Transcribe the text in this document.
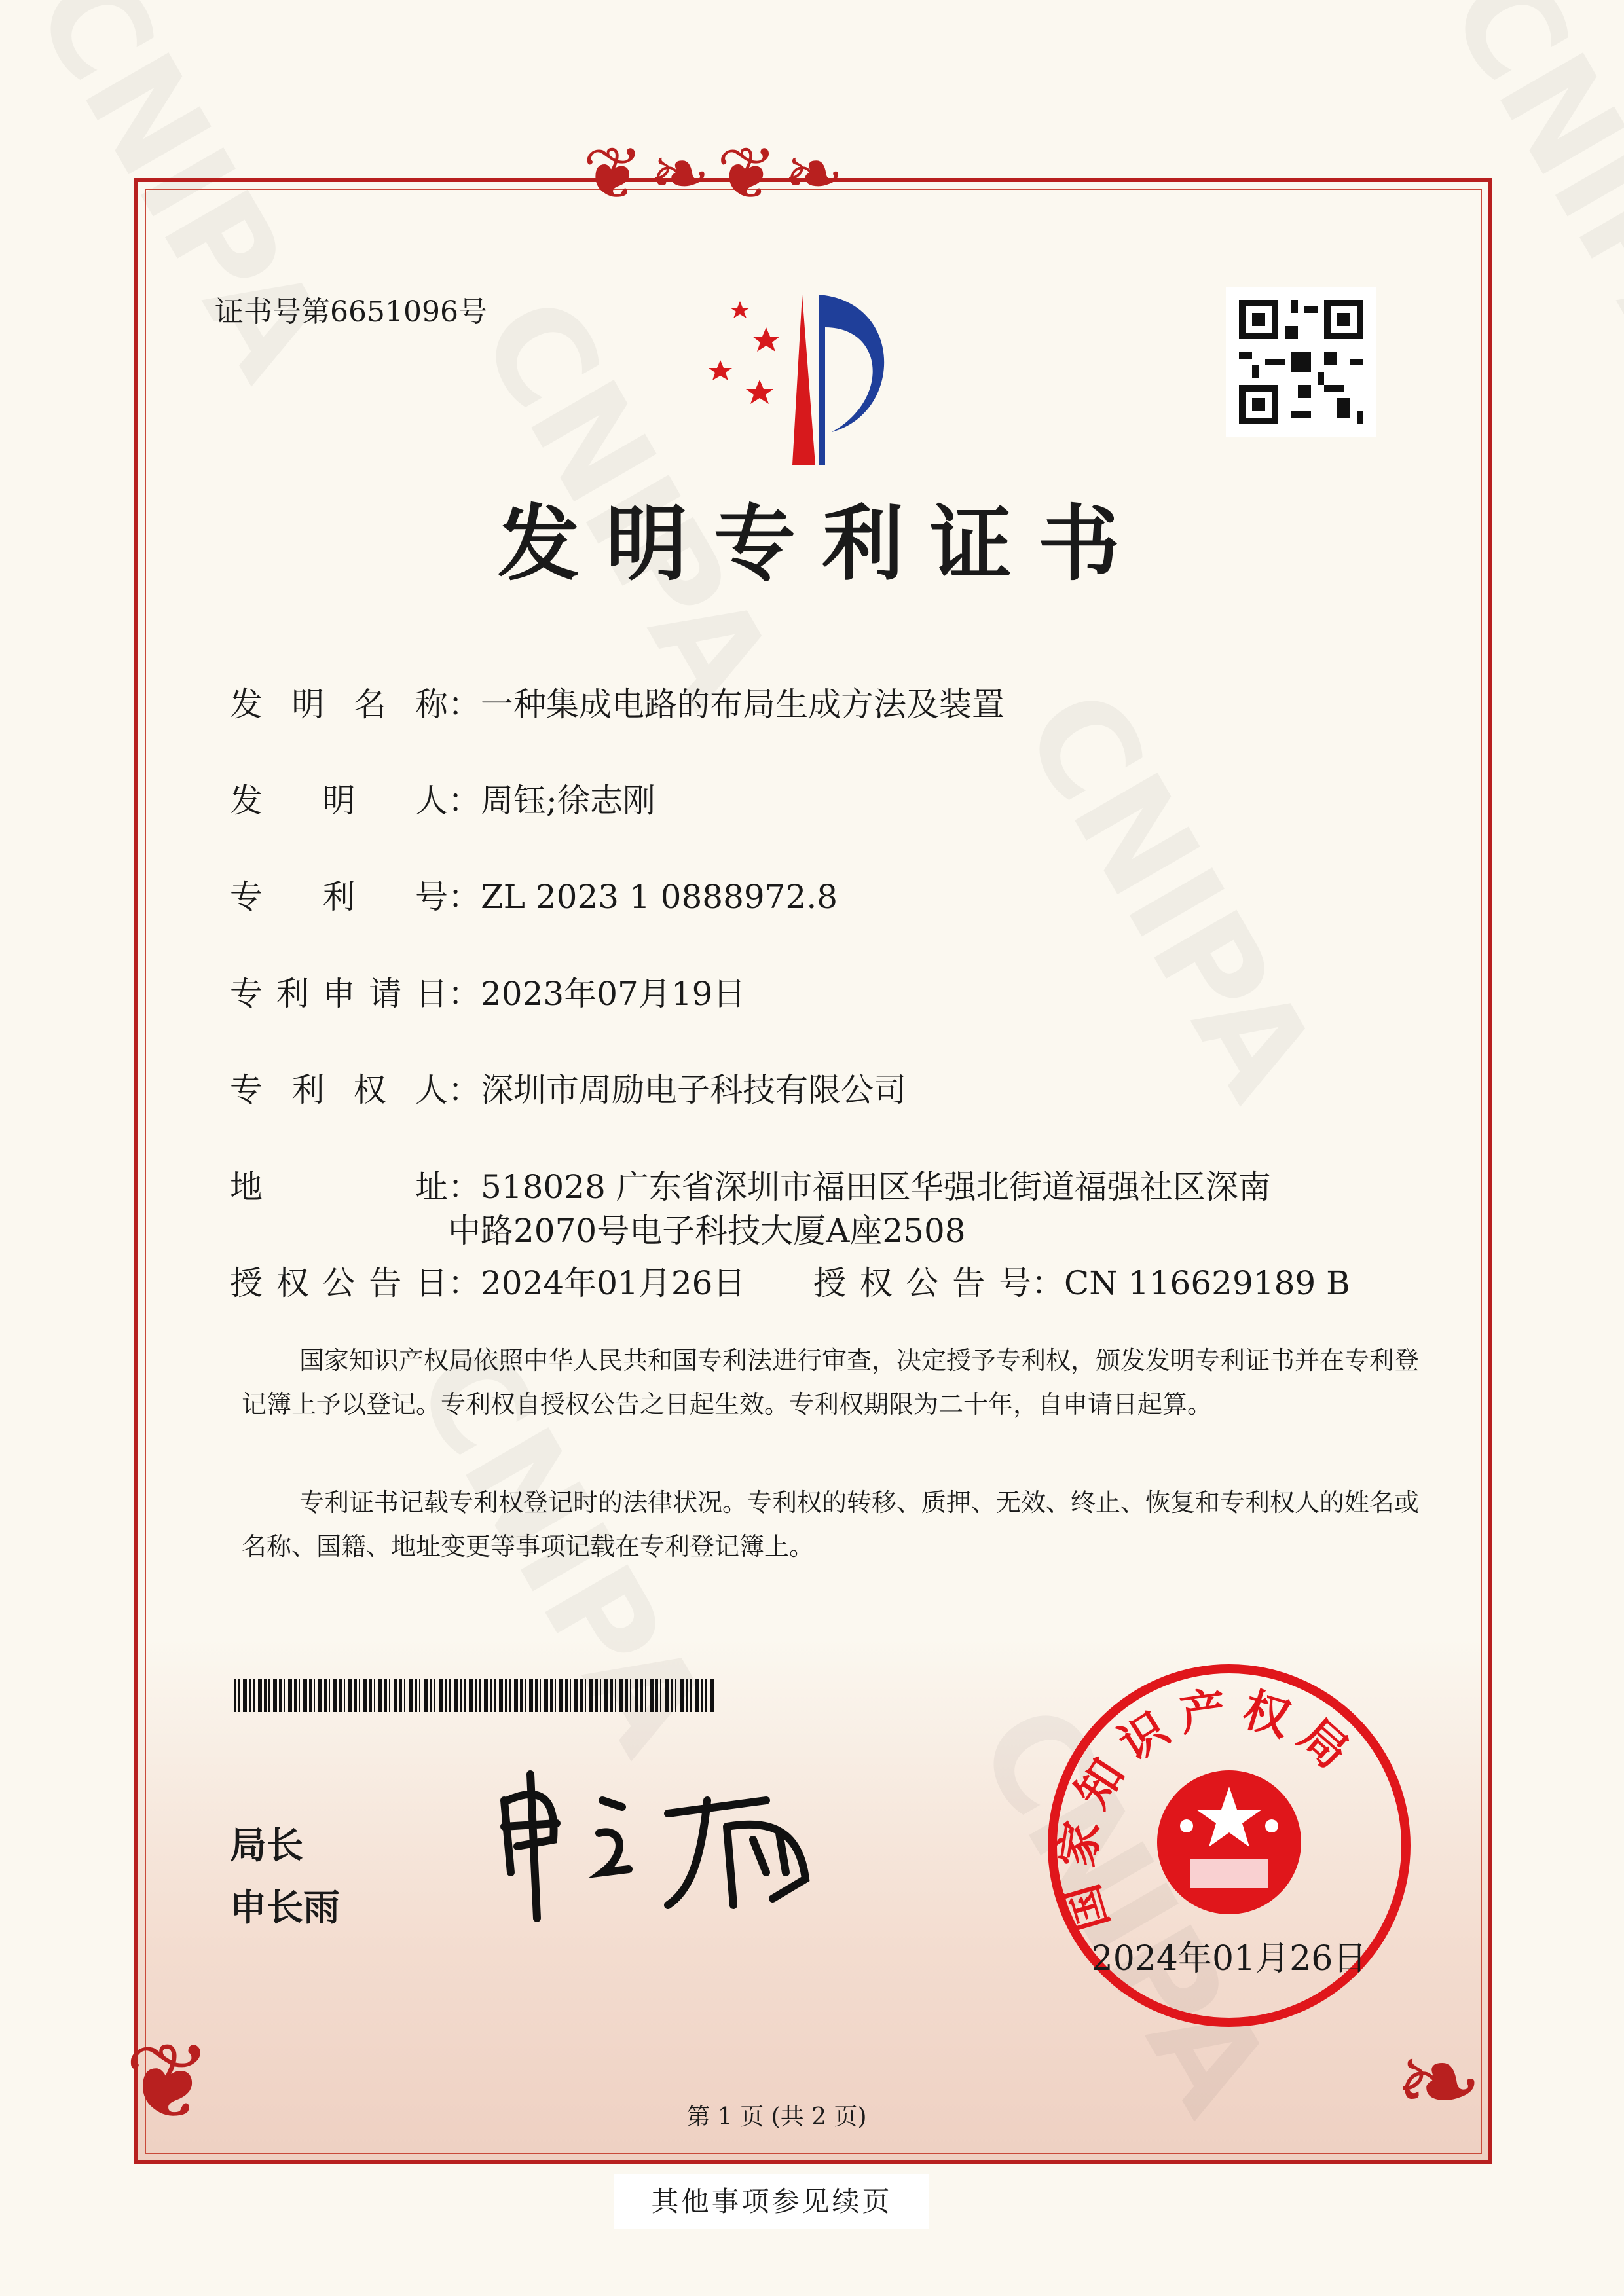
❦❧❦❧
❦	❧
证书号第6651096号
发明专利证书
发明名称：一种集成电路的布局生成方法及装置
发明人：周钰;徐志刚
专利号：ZL 2023 1 0888972.8
专利申请日：2023年07月19日
专利权人：深圳市周励电子科技有限公司
地址：518028 广东省深圳市福田区华强北街道福强社区深南
中路2070号电子科技大厦A座2508
授权公告日：2024年01月26日 授权公告号：CN 116629189 B
国家知识产权局依照中华人民共和国专利法进行审查，决定授予专利权，颁发发明专利证书并在专利登记簿上予以登记。专利权自授权公告之日起生效。专利权期限为二十年，自申请日起算。
专利证书记载专利权登记时的法律状况。专利权的转移、质押、无效、终止、恢复和专利权人的姓名或名称、国籍、地址变更等事项记载在专利登记簿上。
局长
申长雨	国家知识产权局
2024年01月26日
第 1 页 (共 2 页)
其他事项参见续页
